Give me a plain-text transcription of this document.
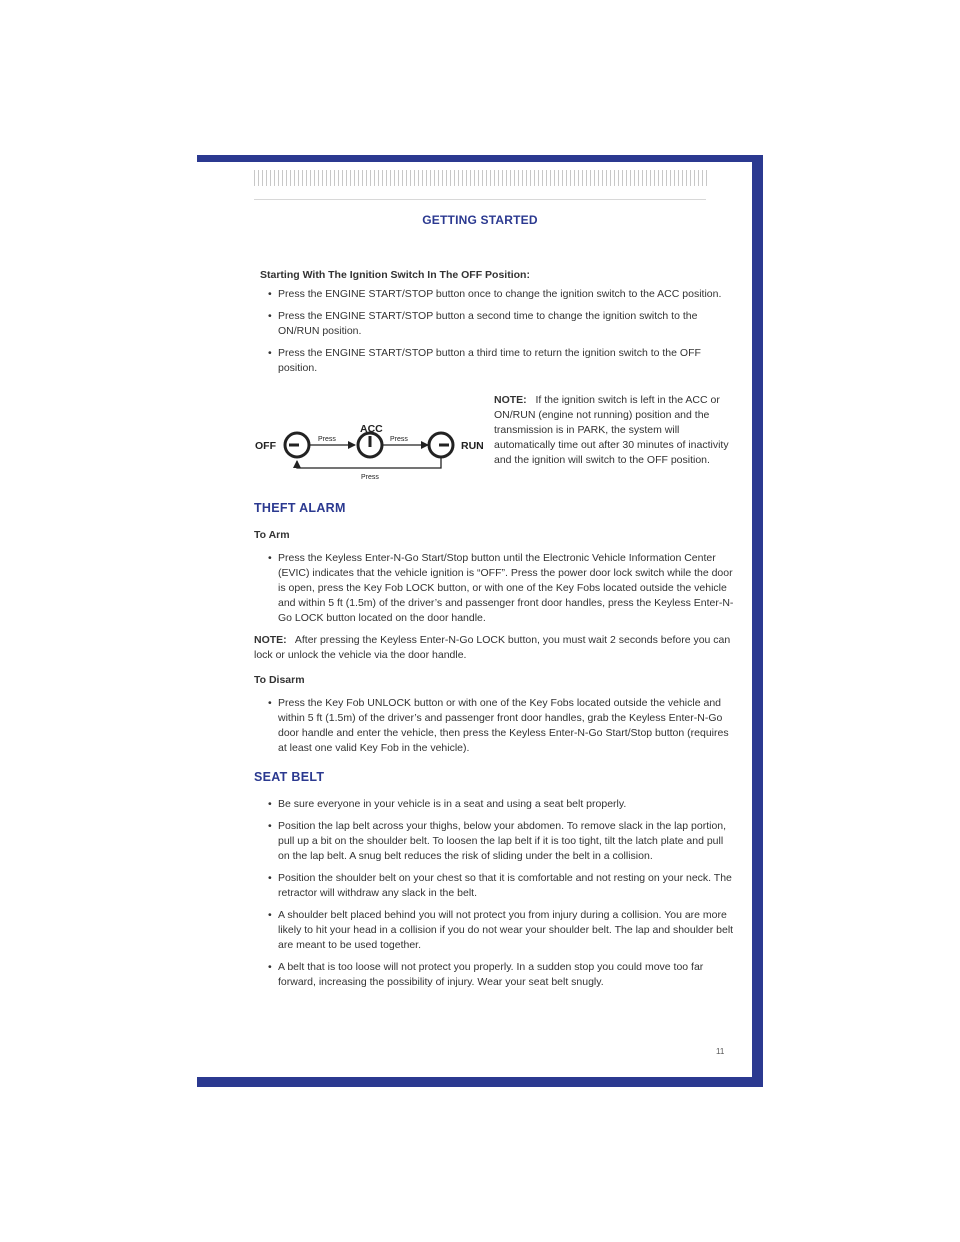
GETTING STARTED

Starting With The Ignition Switch In The OFF Position:

• Press the ENGINE START/STOP button once to change the ignition switch to the ACC position.
• Press the ENGINE START/STOP button a second time to change the ignition switch to the ON/RUN position.
• Press the ENGINE START/STOP button a third time to return the ignition switch to the OFF position.
OFF
Press
ACC
Press
RUN
Press
NOTE: If the ignition switch is left in the ACC or ON/RUN (engine not running) position and the transmission is in PARK, the system will automatically time out after 30 minutes of inactivity and the ignition will switch to the OFF position.
THEFT ALARM

To Arm

• Press the Keyless Enter-N-Go Start/Stop button until the Electronic Vehicle Information Center (EVIC) indicates that the vehicle ignition is “OFF”. Press the power door lock switch while the door is open, press the Key Fob LOCK button, or with one of the Key Fobs located outside the vehicle and within 5 ft (1.5m) of the driver’s and passenger front door handles, press the Keyless Enter-N-Go LOCK button located on the door handle.

NOTE: After pressing the Keyless Enter-N-Go LOCK button, you must wait 2 seconds before you can lock or unlock the vehicle via the door handle.

To Disarm

• Press the Key Fob UNLOCK button or with one of the Key Fobs located outside the vehicle and within 5 ft (1.5m) of the driver’s and passenger front door handles, grab the Keyless Enter-N-Go door handle and enter the vehicle, then press the Keyless Enter-N-Go Start/Stop button (requires at least one valid Key Fob in the vehicle).
SEAT BELT
• Be sure everyone in your vehicle is in a seat and using a seat belt properly.
• Position the lap belt across your thighs, below your abdomen. To remove slack in the lap portion, pull up a bit on the shoulder belt. To loosen the lap belt if it is too tight, tilt the latch plate and pull on the lap belt. A snug belt reduces the risk of sliding under the belt in a collision.
• Position the shoulder belt on your chest so that it is comfortable and not resting on your neck. The retractor will withdraw any slack in the belt.
• A shoulder belt placed behind you will not protect you from injury during a collision. You are more likely to hit your head in a collision if you do not wear your shoulder belt. The lap and shoulder belt are meant to be used together.
• A belt that is too loose will not protect you properly. In a sudden stop you could move too far forward, increasing the possibility of injury. Wear your seat belt snugly.
11
